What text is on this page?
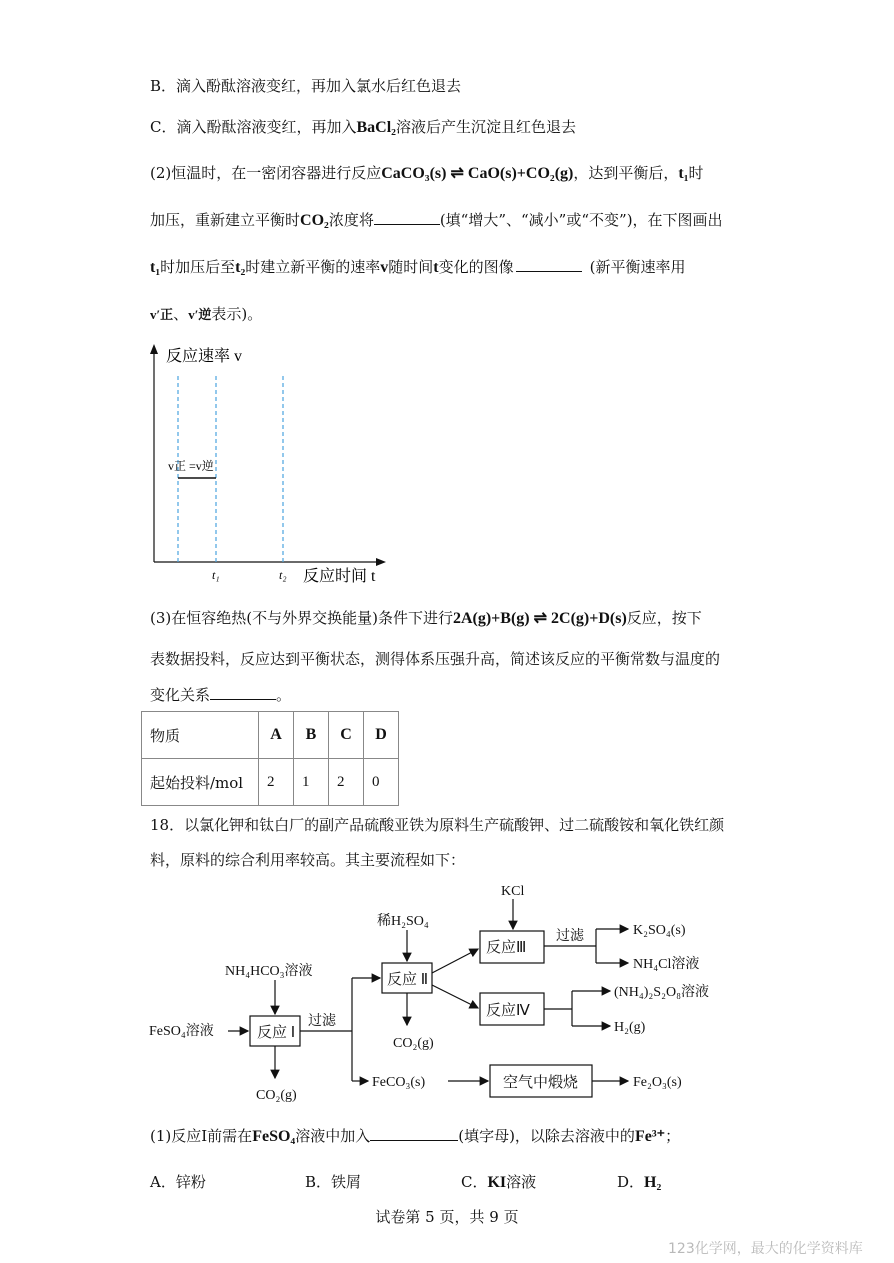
B．滴入酚酞溶液变红，再加入氯水后红色退去
C．滴入酚酞溶液变红，再加入BaCl₂溶液后产生沉淀且红色退去
(2)恒温时，在一密闭容器进行反应CaCO₃(s) ⇌ CaO(s)+CO₂(g)，达到平衡后，t₁时
加压，重新建立平衡时CO₂浓度将	(填“增大”、“减小”或“不变”)，在下图画出
t₁时加压后至t₂时建立新平衡的速率v随时间t变化的图像	(新平衡速率用
v′正、v′逆表示)。
反应速率 v
反应时间 t
v正 =v逆
t₁	t₂
(3)在恒容绝热(不与外界交换能量)条件下进行2A(g)+B(g) ⇌ 2C(g)+D(s)反应，按下
表数据投料，反应达到平衡状态，测得体系压强升高，简述该反应的平衡常数与温度的
变化关系	。
物质	A	B	C	D
起始投料/mol	2	1	2	0
18．以氯化钾和钛白厂的副产品硫酸亚铁为原料生产硫酸钾、过二硫酸铵和氧化铁红颜
料，原料的综合利用率较高。其主要流程如下：
FeSO₄溶液
NH₄HCO₃溶液
反应 Ⅰ
过滤
CO₂(g)
稀H₂SO₄
反应 Ⅱ
CO₂(g)
KCl
反应Ⅲ
过滤	K₂SO₄(s)
NH₄Cl溶液
反应Ⅳ
(NH₄)₂S₂O₈溶液
H₂(g)
FeCO₃(s)	空气中煅烧	Fe₂O₃(s)
(1)反应Ⅰ前需在FeSO₄溶液中加入	(填字母)，以除去溶液中的Fe³⁺；
A．锌粉	B．铁屑	C．KI溶液	D．H₂
试卷第 5 页，共 9 页
123化学网，最大的化学资料库
